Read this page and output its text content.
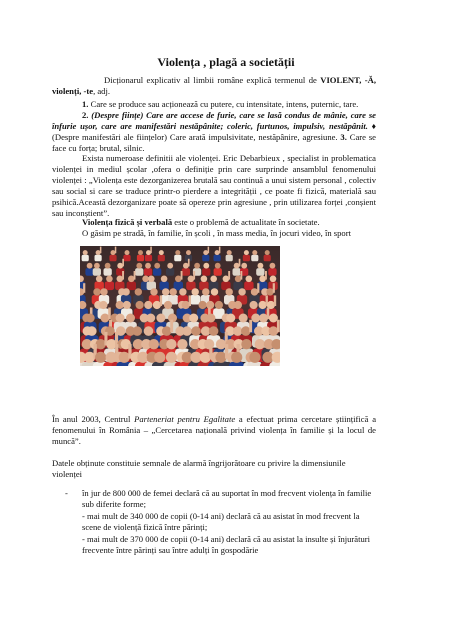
Violența , plagă a societății

Dicționarul explicativ al limbii române explică termenul de VIOLENT, -Ă, violenți, -te, adj.

1. Care se produce sau acționează cu putere, cu intensitate, intens, puternic, tare.

2. (Despre ființe) Care are accese de furie, care se lasă condus de mânie, care se înfurie ușor, care are manifestări nestăpânite; coleric, furtunos, impulsiv, nestăpânit. ♦ (Despre manifestări ale ființelor) Care arată impulsivitate, nestăpânire, agresiune. 3. Care se face cu forța; brutal, silnic.

Exista numeroase definitii ale violenței. Eric Debarbieux , specialist in problematica violenței in mediul școlar ,ofera o definiție prin care surprinde ansamblul fenomenului violenței : „Violența este dezorganizerea brutală sau continuă a unui sistem personal , colectiv sau social si care se traduce printr-o pierdere a integrității , ce poate fi fizică, materială sau psihică.Această dezorganizare poate să opereze prin agresiune , prin utilizarea forței ,conșient sau inconștient”.

Violența fizică și verbală este o problemă de actualitate în societate.

O găsim pe stradă, în familie, în școli , în mass media, în jocuri video, în sport

În anul 2003, Centrul Parteneriat pentru Egalitate a efectuat prima cercetare științifică a fenomenului în România – „Cercetarea națională privind violența în familie și la locul de muncă”.

Datele obținute constituie semnale de alarmă îngrijorătoare cu privire la dimensiunile violenței

- în jur de 800 000 de femei declară că au suportat în mod frecvent violența în familie sub diferite forme;
- mai mult de 340 000 de copii (0-14 ani) declară că au asistat în mod frecvent la scene de violență fizică între părinți;
- mai mult de 370 000 de copii (0-14 ani) declară că au asistat la insulte și înjurături frecvente între părinți sau între adulți în gospodărie
